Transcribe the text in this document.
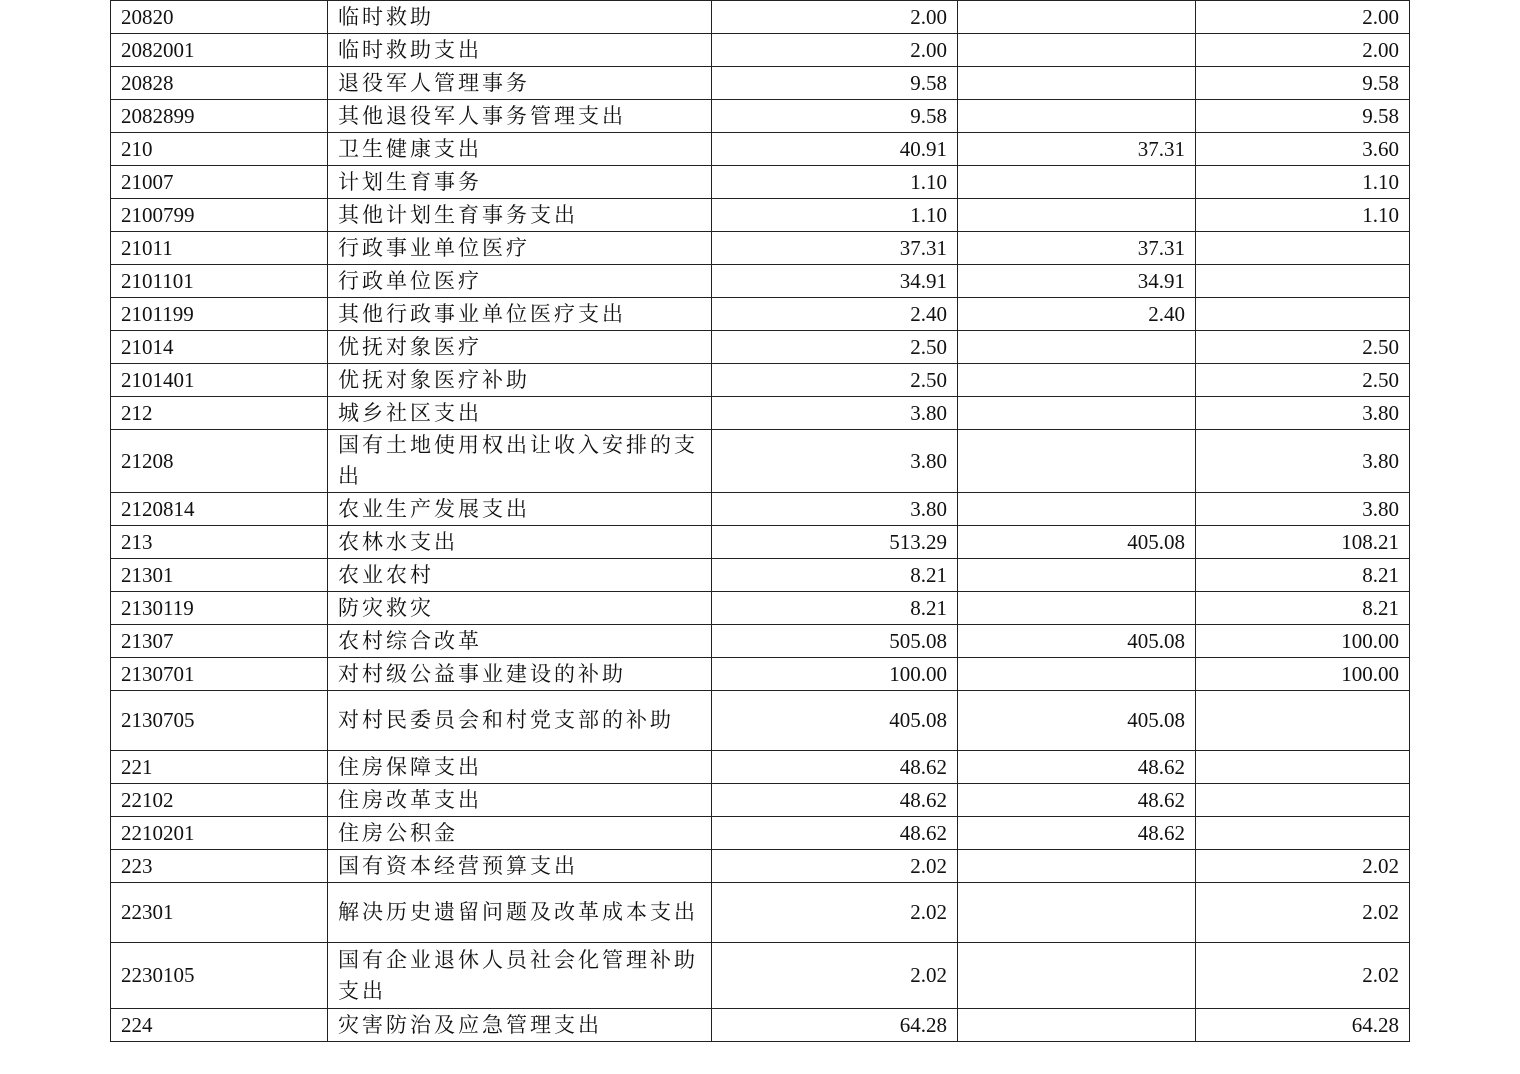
20820	临时救助	2.00		2.00
2082001	临时救助支出	2.00		2.00
20828	退役军人管理事务	9.58		9.58
2082899	其他退役军人事务管理支出	9.58		9.58
210	卫生健康支出	40.91	37.31	3.60
21007	计划生育事务	1.10		1.10
2100799	其他计划生育事务支出	1.10		1.10
21011	行政事业单位医疗	37.31	37.31	
2101101	行政单位医疗	34.91	34.91	
2101199	其他行政事业单位医疗支出	2.40	2.40	
21014	优抚对象医疗	2.50		2.50
2101401	优抚对象医疗补助	2.50		2.50
212	城乡社区支出	3.80		3.80
21208	国有土地使用权出让收入安排的支出	3.80		3.80
2120814	农业生产发展支出	3.80		3.80
213	农林水支出	513.29	405.08	108.21
21301	农业农村	8.21		8.21
2130119	防灾救灾	8.21		8.21
21307	农村综合改革	505.08	405.08	100.00
2130701	对村级公益事业建设的补助	100.00		100.00
2130705	对村民委员会和村党支部的补助	405.08	405.08	
221	住房保障支出	48.62	48.62	
22102	住房改革支出	48.62	48.62	
2210201	住房公积金	48.62	48.62	
223	国有资本经营预算支出	2.02		2.02
22301	解决历史遗留问题及改革成本支出	2.02		2.02
2230105	国有企业退休人员社会化管理补助支出	2.02		2.02
224	灾害防治及应急管理支出	64.28		64.28
